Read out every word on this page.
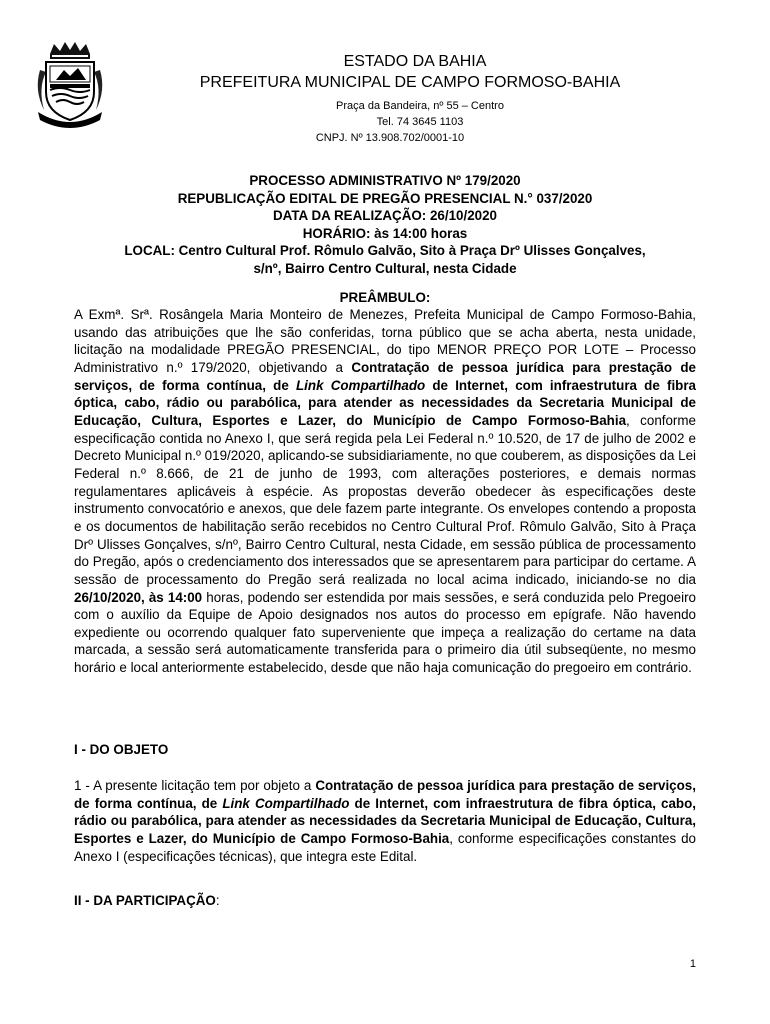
ESTADO DA BAHIA
PREFEITURA MUNICIPAL DE CAMPO FORMOSO-BAHIA
Praça da Bandeira, nº 55 – Centro
Tel. 74 3645 1103
CNPJ. Nº 13.908.702/0001-10
PROCESSO ADMINISTRATIVO Nº 179/2020
REPUBLICAÇÃO EDITAL DE PREGÃO PRESENCIAL N.° 037/2020
DATA DA REALIZAÇÃO: 26/10/2020
HORÁRIO: às 14:00 horas
LOCAL: Centro Cultural Prof. Rômulo Galvão, Sito à Praça Drº Ulisses Gonçalves,
s/nº, Bairro Centro Cultural, nesta Cidade
PREÂMBULO:
A Exmª. Srª. Rosângela Maria Monteiro de Menezes, Prefeita Municipal de Campo Formoso-Bahia, usando das atribuições que lhe são conferidas, torna público que se acha aberta, nesta unidade, licitação na modalidade PREGÃO PRESENCIAL, do tipo MENOR PREÇO POR LOTE – Processo Administrativo n.º 179/2020, objetivando a Contratação de pessoa jurídica para prestação de serviços, de forma contínua, de Link Compartilhado de Internet, com infraestrutura de fibra óptica, cabo, rádio ou parabólica, para atender as necessidades da Secretaria Municipal de Educação, Cultura, Esportes e Lazer, do Município de Campo Formoso-Bahia, conforme especificação contida no Anexo I, que será regida pela Lei Federal n.º 10.520, de 17 de julho de 2002 e Decreto Municipal n.º 019/2020, aplicando-se subsidiariamente, no que couberem, as disposições da Lei Federal n.º 8.666, de 21 de junho de 1993, com alterações posteriores, e demais normas regulamentares aplicáveis à espécie. As propostas deverão obedecer às especificações deste instrumento convocatório e anexos, que dele fazem parte integrante. Os envelopes contendo a proposta e os documentos de habilitação serão recebidos no Centro Cultural Prof. Rômulo Galvão, Sito à Praça Drº Ulisses Gonçalves, s/nº, Bairro Centro Cultural, nesta Cidade, em sessão pública de processamento do Pregão, após o credenciamento dos interessados que se apresentarem para participar do certame. A sessão de processamento do Pregão será realizada no local acima indicado, iniciando-se no dia 26/10/2020, às 14:00 horas, podendo ser estendida por mais sessões, e será conduzida pelo Pregoeiro com o auxílio da Equipe de Apoio designados nos autos do processo em epígrafe. Não havendo expediente ou ocorrendo qualquer fato superveniente que impeça a realização do certame na data marcada, a sessão será automaticamente transferida para o primeiro dia útil subseqüente, no mesmo horário e local anteriormente estabelecido, desde que não haja comunicação do pregoeiro em contrário.
I - DO OBJETO
1 - A presente licitação tem por objeto a Contratação de pessoa jurídica para prestação de serviços, de forma contínua, de Link Compartilhado de Internet, com infraestrutura de fibra óptica, cabo, rádio ou parabólica, para atender as necessidades da Secretaria Municipal de Educação, Cultura, Esportes e Lazer, do Município de Campo Formoso-Bahia, conforme especificações constantes do Anexo I (especificações técnicas), que integra este Edital.
II - DA PARTICIPAÇÃO:
1
